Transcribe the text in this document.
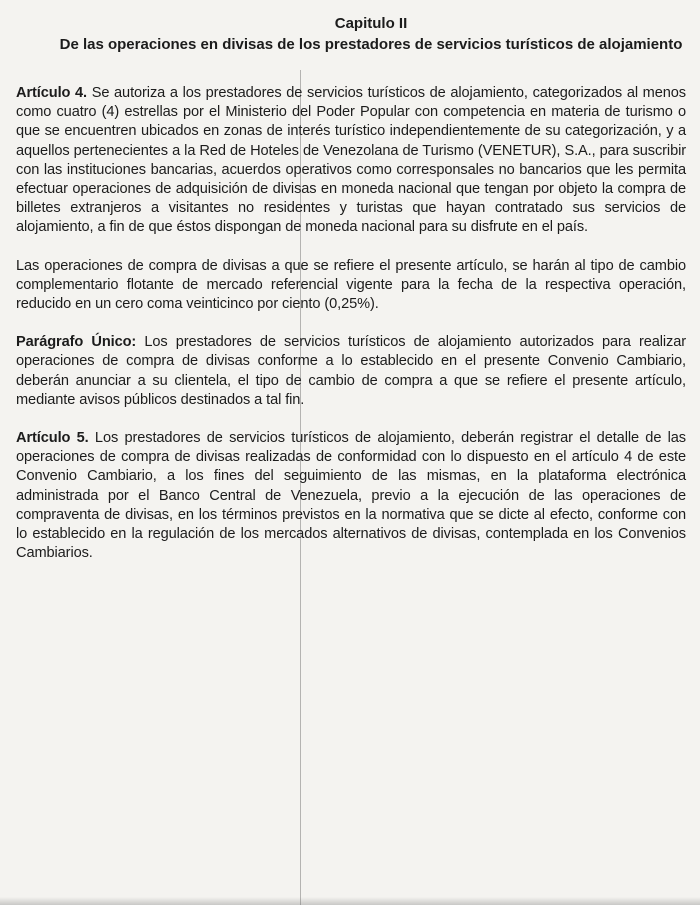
Capitulo II
De las operaciones en divisas de los prestadores de servicios turísticos de alojamiento

Artículo 4. Se autoriza a los prestadores de servicios turísticos de alojamiento, categorizados al menos como cuatro (4) estrellas por el Ministerio del Poder Popular con competencia en materia de turismo o que se encuentren ubicados en zonas de interés turístico independientemente de su categorización, y a aquellos pertenecientes a la Red de Hoteles de Venezolana de Turismo (VENETUR), S.A., para suscribir con las instituciones bancarias, acuerdos operativos como corresponsales no bancarios que les permita efectuar operaciones de adquisición de divisas en moneda nacional que tengan por objeto la compra de billetes extranjeros a visitantes no residentes y turistas que hayan contratado sus servicios de alojamiento, a fin de que éstos dispongan de moneda nacional para su disfrute en el país.

Las operaciones de compra de divisas a que se refiere el presente artículo, se harán al tipo de cambio complementario flotante de mercado referencial vigente para la fecha de la respectiva operación, reducido en un cero coma veinticinco por ciento (0,25%).

Parágrafo Único: Los prestadores de servicios turísticos de alojamiento autorizados para realizar operaciones de compra de divisas conforme a lo establecido en el presente Convenio Cambiario, deberán anunciar a su clientela, el tipo de cambio de compra a que se refiere el presente artículo, mediante avisos públicos destinados a tal fin.

Artículo 5. Los prestadores de servicios turísticos de alojamiento, deberán registrar el detalle de las operaciones de compra de divisas realizadas de conformidad con lo dispuesto en el artículo 4 de este Convenio Cambiario, a los fines del seguimiento de las mismas, en la plataforma electrónica administrada por el Banco Central de Venezuela, previo a la ejecución de las operaciones de compraventa de divisas, en los términos previstos en la normativa que se dicte al efecto, conforme con lo establecido en la regulación de los mercados alternativos de divisas, contemplada en los Convenios Cambiarios.
